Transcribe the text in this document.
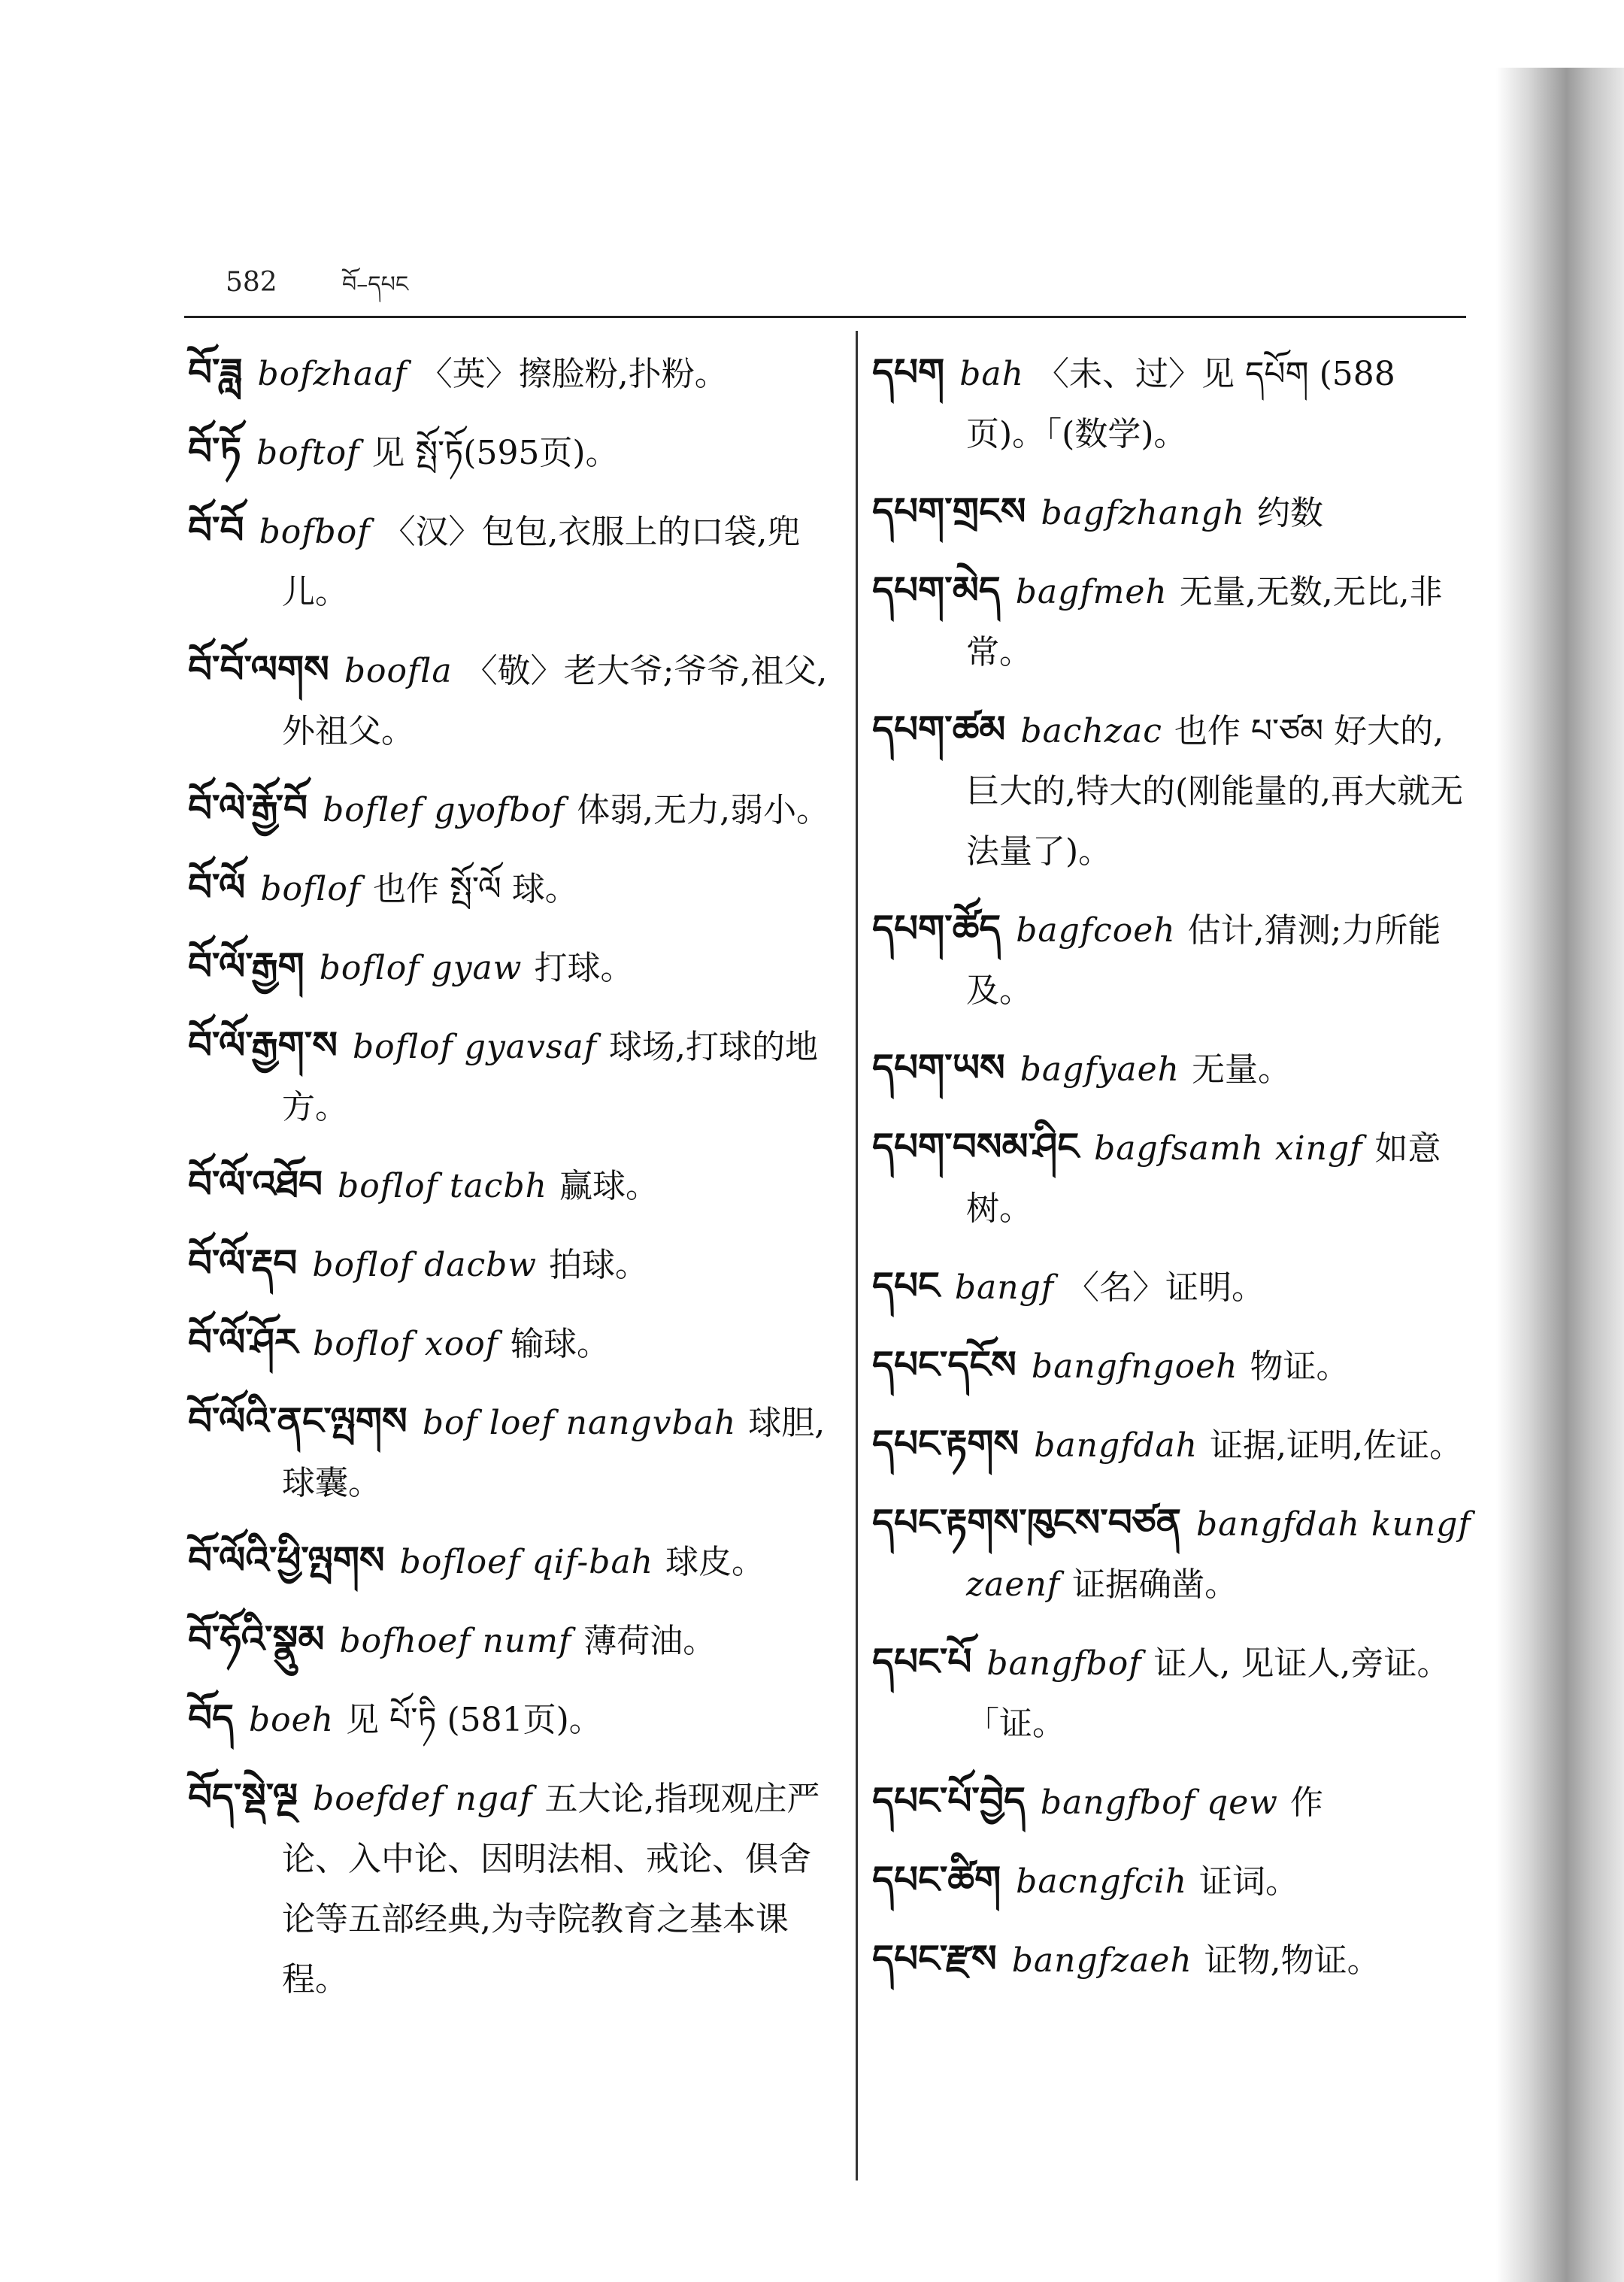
582	བོ–དཔང
བོ་ཟླ bofzhaaf 〈英〉擦脸粉,扑粉。
བོ་ཏོ boftof 见 སྤོ་ཏོ(595页)。
བོ་བོ bofbof 〈汉〉包包,衣服上的口袋,兜儿。
བོ་བོ་ལགས boofla 〈敬〉老大爷;爷爷,祖父,外祖父。
བོ་ལེ་རྒྱོ་བོ boflef gyofbof 体弱,无力,弱小。
བོ་ལོ boflof 也作 སྤོ་ལོ 球。
བོ་ལོ་རྒྱག boflof gyaw 打球。
བོ་ལོ་རྒྱག་ས boflof gyavsaf 球场,打球的地方。
བོ་ལོ་འཐོབ boflof tacbh 赢球。
བོ་ལོ་རྡབ boflof dacbw 拍球。
བོ་ལོ་ཤོར boflof xoof 输球。
བོ་ལོའི་ནང་ལྤགས bof loef nangvbah 球胆,球囊。
བོ་ལོའི་ཕྱི་ལྤགས bofloef qif-bah 球皮。
བོ་ཧོའི་སྣུམ bofhoef numf 薄荷油。
བོད boeh 见 པོ་ཏི (581页)。
བོད་སྡེ་ལྔ boefdef ngaf 五大论,指现观庄严论、入中论、因明法相、戒论、俱舍论等五部经典,为寺院教育之基本课程。
དཔག bah 〈未、过〉见 དཔོག (588页)。「(数学)。
དཔག་གྲངས bagfzhangh 约数
དཔག་མེད bagfmeh 无量,无数,无比,非常。
དཔག་ཚམ bachzac 也作 པ་ཙམ 好大的,巨大的,特大的(刚能量的,再大就无法量了)。
དཔག་ཚོད bagfcoeh 估计,猜测;力所能及。
དཔག་ཡས bagfyaeh 无量。
དཔག་བསམ་ཤིང bagfsamh xingf 如意树。
དཔང bangf 〈名〉证明。
དཔང་དངོས bangfngoeh 物证。
དཔང་རྟགས bangfdah 证据,证明,佐证。
དཔང་རྟགས་ཁུངས་བཙན bangfdah kungfzaenf 证据确凿。
དཔང་པོ bangfbof 证人, 见证人,旁证。「证。
དཔང་པོ་བྱེད bangfbof qew 作
དཔང་ཚིག bacngfcih 证词。
དཔང་རྫས bangfzaeh 证物,物证。
